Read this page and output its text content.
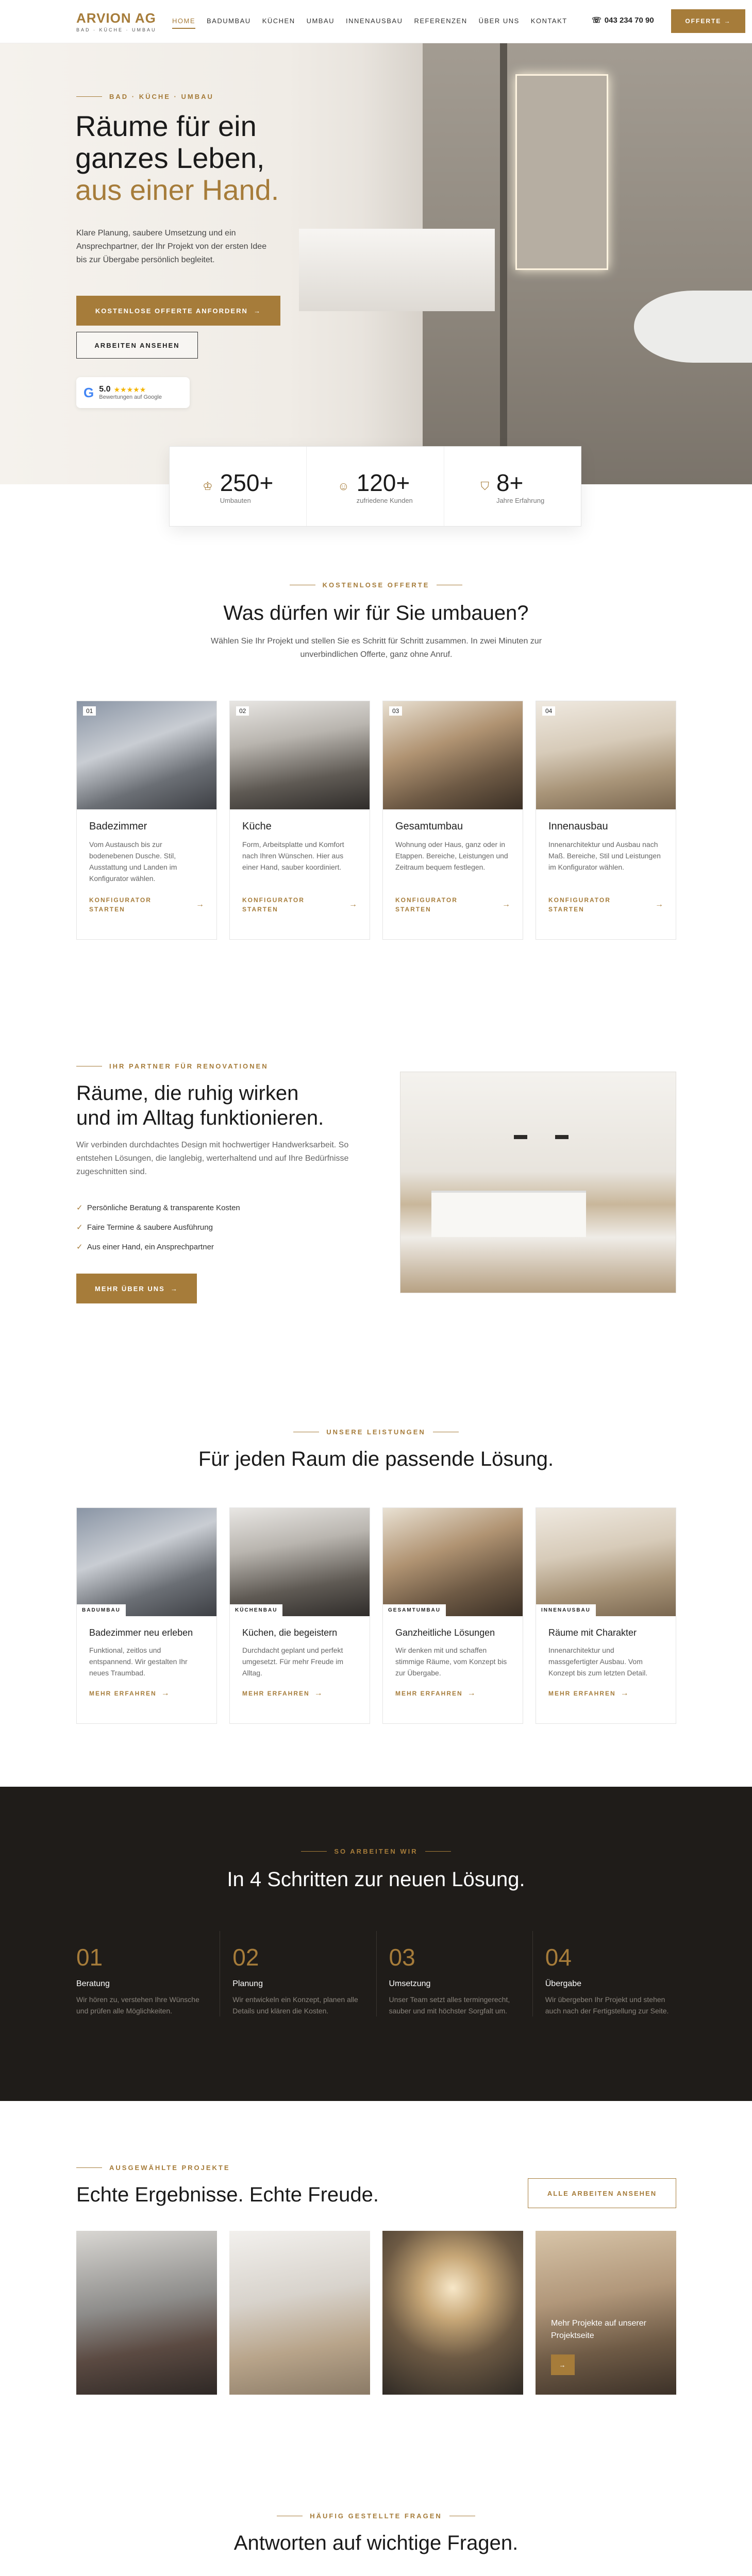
ARVION AG
BAD · KÜCHE · UMBAU
HOME BADUMBAU KÜCHEN UMBAU INNENAUSBAU REFERENZEN ÜBER UNS KONTAKT	☏ 043 234 70 90	OFFERTE
→
BAD · KÜCHE · UMBAU
Räume für ein
ganzes Leben,
aus einer Hand.
Klare Planung, saubere Umsetzung und ein Ansprechpartner, der Ihr Projekt von der ersten Idee bis zur Übergabe persönlich begleitet.
KOSTENLOSE OFFERTE ANFORDERN
→
ARBEITEN ANSEHEN
G 5.0 ★★★★★
Bewertungen auf Google
♔ 250+
Umbauten
☺ 120+
zufriedene Kunden
⛉ 8+
Jahre Erfahrung
KOSTENLOSE OFFERTE
Was dürfen wir für Sie umbauen?
Wählen Sie Ihr Projekt und stellen Sie es Schritt für Schritt zusammen. In zwei Minuten zur unverbindlichen Offerte, ganz ohne Anruf.
01
Badezimmer
Vom Austausch bis zur bodenebenen Dusche. Stil, Ausstattung und Landen im Konfigurator wählen.
KONFIGURATOR STARTEN
→
02
Küche
Form, Arbeitsplatte und Komfort nach Ihren Wünschen. Hier aus einer Hand, sauber koordiniert.
KONFIGURATOR STARTEN
→
03
Gesamtumbau
Wohnung oder Haus, ganz oder in Etappen. Bereiche, Leistungen und Zeitraum bequem festlegen.
KONFIGURATOR STARTEN
→
04
Innenausbau
Innenarchitektur und Ausbau nach Maß. Bereiche, Stil und Leistungen im Konfigurator wählen.
KONFIGURATOR STARTEN
→
IHR PARTNER FÜR RENOVATIONEN
Räume, die ruhig wirken
und im Alltag funktionieren.
Wir verbinden durchdachtes Design mit hochwertiger Handwerksarbeit. So entstehen Lösungen, die langlebig, werterhaltend und auf Ihre Bedürfnisse zugeschnitten sind.
✓ Persönliche Beratung & transparente Kosten
✓ Faire Termine & saubere Ausführung
✓ Aus einer Hand, ein Ansprechpartner
MEHR ÜBER UNS
→
UNSERE LEISTUNGEN
Für jeden Raum die passende Lösung.
BADUMBAU
Badezimmer neu erleben
Funktional, zeitlos und entspannend. Wir gestalten Ihr neues Traumbad.
MEHR ERFAHREN →
KÜCHENBAU
Küchen, die begeistern
Durchdacht geplant und perfekt umgesetzt. Für mehr Freude im Alltag.
MEHR ERFAHREN →
GESAMTUMBAU
Ganzheitliche Lösungen
Wir denken mit und schaffen stimmige Räume, vom Konzept bis zur Übergabe.
MEHR ERFAHREN →
INNENAUSBAU
Räume mit Charakter
Innenarchitektur und massgefertigter Ausbau. Vom Konzept bis zum letzten Detail.
MEHR ERFAHREN →
SO ARBEITEN WIR
In 4 Schritten zur neuen Lösung.
01
Beratung
Wir hören zu, verstehen Ihre Wünsche und prüfen alle Möglichkeiten.
02
Planung
Wir entwickeln ein Konzept, planen alle Details und klären die Kosten.
03
Umsetzung
Unser Team setzt alles termingerecht, sauber und mit höchster Sorgfalt um.
04
Übergabe
Wir übergeben Ihr Projekt und stehen auch nach der Fertigstellung zur Seite.
AUSGEWÄHLTE PROJEKTE
Echte Ergebnisse. Echte Freude.	ALLE ARBEITEN ANSEHEN
Mehr Projekte auf unserer Projektseite
→
HÄUFIG GESTELLTE FRAGEN
Antworten auf wichtige Fragen.
